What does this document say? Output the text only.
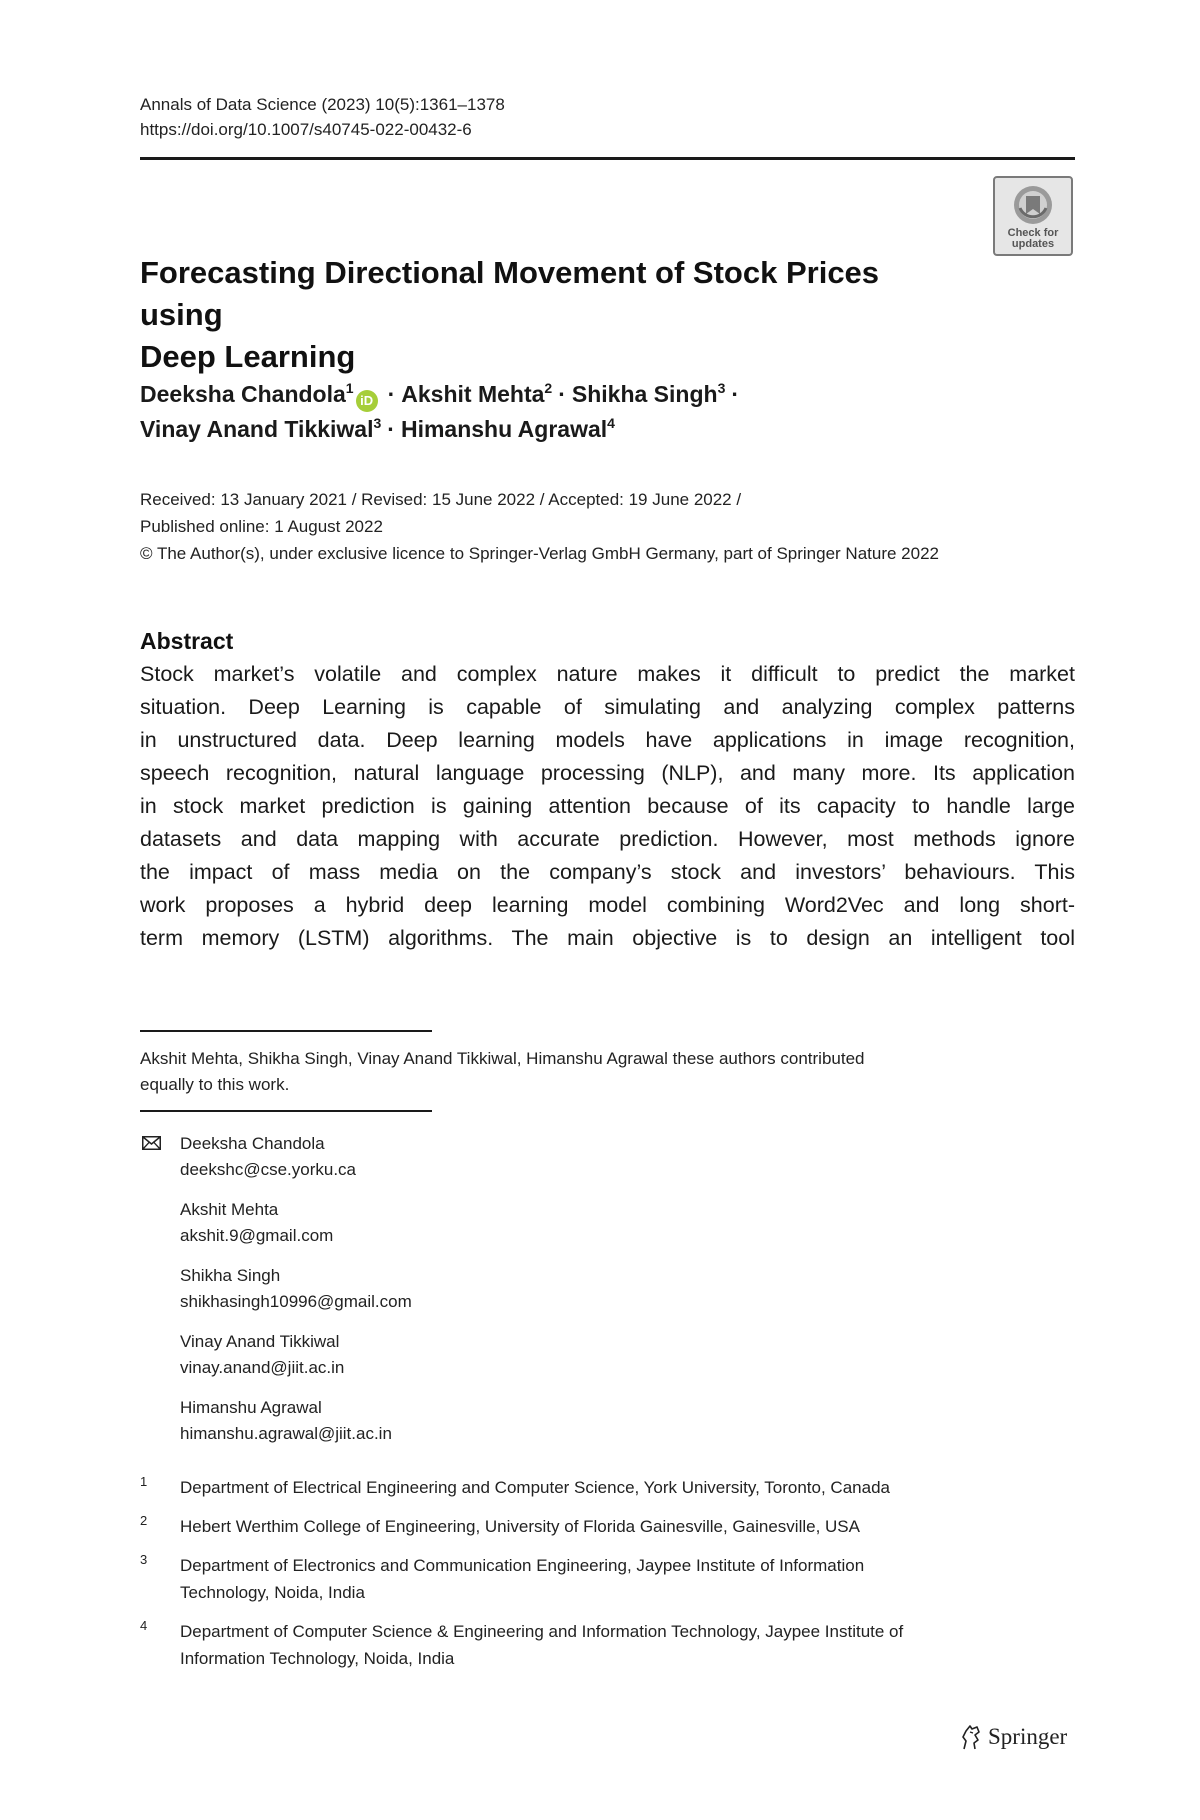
Annals of Data Science (2023) 10(5):1361–1378
https://doi.org/10.1007/s40745-022-00432-6
Check for
updates
Forecasting Directional Movement of Stock Prices using
Deep Learning
Deeksha Chandola$^1$iD · Akshit Mehta$^2$ · Shikha Singh$^3$ ·
Vinay Anand Tikkiwal$^3$ · Himanshu Agrawal$^4$
Received: 13 January 2021 / Revised: 15 June 2022 / Accepted: 19 June 2022 /
Published online: 1 August 2022
© The Author(s), under exclusive licence to Springer-Verlag GmbH Germany, part of Springer Nature 2022
Abstract
Stock market’s volatile and complex nature makes it difficult to predict the market
situation. Deep Learning is capable of simulating and analyzing complex patterns
in unstructured data. Deep learning models have applications in image recognition,
speech recognition, natural language processing (NLP), and many more. Its application
in stock market prediction is gaining attention because of its capacity to handle large
datasets and data mapping with accurate prediction. However, most methods ignore
the impact of mass media on the company’s stock and investors’ behaviours. This
work proposes a hybrid deep learning model combining Word2Vec and long short-
term memory (LSTM) algorithms. The main objective is to design an intelligent tool
Akshit Mehta, Shikha Singh, Vinay Anand Tikkiwal, Himanshu Agrawal these authors contributed
equally to this work.
Deeksha Chandola
deekshc@cse.yorku.ca
Akshit Mehta
akshit.9@gmail.com
Shikha Singh
shikhasingh10996@gmail.com
Vinay Anand Tikkiwal
vinay.anand@jiit.ac.in
Himanshu Agrawal
himanshu.agrawal@jiit.ac.in
1 Department of Electrical Engineering and Computer Science, York University, Toronto, Canada
2 Hebert Werthim College of Engineering, University of Florida Gainesville, Gainesville, USA
3 Department of Electronics and Communication Engineering, Jaypee Institute of Information
Technology, Noida, India
4 Department of Computer Science & Engineering and Information Technology, Jaypee Institute of
Information Technology, Noida, India
Springer
